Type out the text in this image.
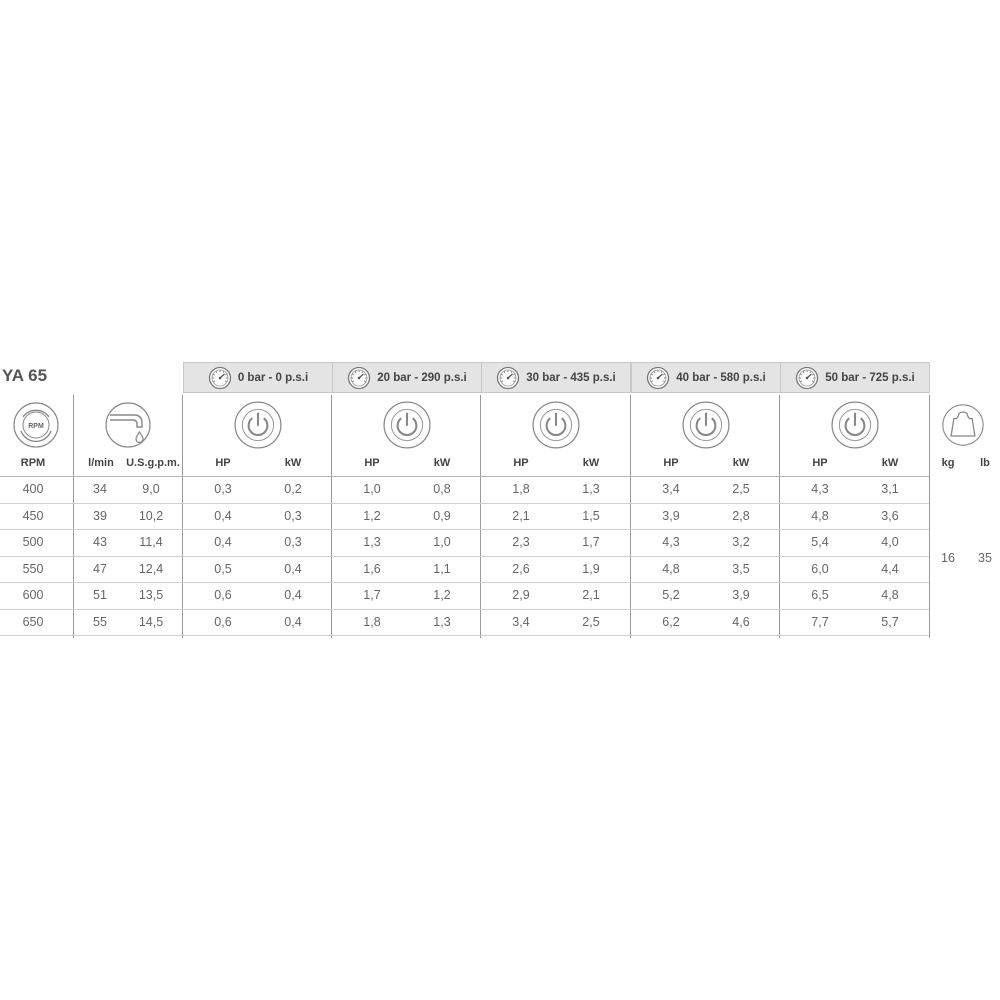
YA 65	0 bar - 0 p.s.i	20 bar - 290 p.s.i	30 bar - 435 p.s.i	40 bar - 580 p.s.i	50 bar - 725 p.s.i
RPM
RPM	l/min	U.S.g.p.m.	HP	kW	HP	kW	HP	kW	HP	kW	HP	kW	kg	lb
400	34	9,0	0,3	0,2	1,0	0,8	1,8	1,3	3,4	2,5	4,3	3,1
450	39	10,2	0,4	0,3	1,2	0,9	2,1	1,5	3,9	2,8	4,8	3,6
500	43	11,4	0,4	0,3	1,3	1,0	2,3	1,7	4,3	3,2	5,4	4,0
550	47	12,4	0,5	0,4	1,6	1,1	2,6	1,9	4,8	3,5	6,0	4,4
600	51	13,5	0,6	0,4	1,7	1,2	2,9	2,1	5,2	3,9	6,5	4,8
650	55	14,5	0,6	0,4	1,8	1,3	3,4	2,5	6,2	4,6	7,7	5,7
16	35
